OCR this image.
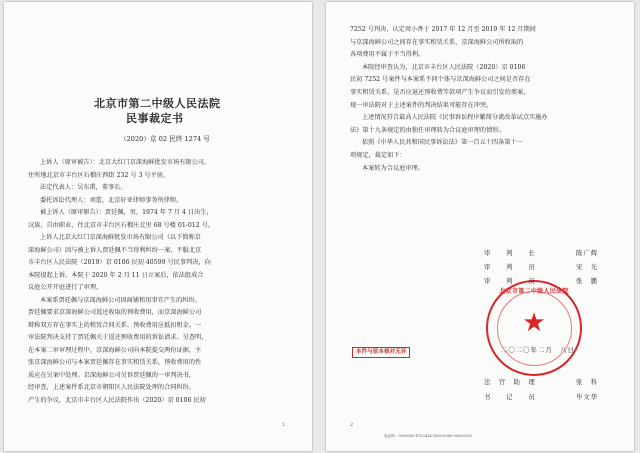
北京市第二中级人民法院
民事裁定书
（2020）京 02 民终 1274 号
上诉人（原审被告）：北京大红门京深海鲜批发市场有限公司，
住所地北京市丰台区石榴庄西街 232 号 3 号平房。
法定代表人：吴东甫，董事长。
委托诉讼代理人：刘蕾，北京轩亚律师事务所律师。
被上诉人（原审原告）：贾廷佩，男，1974 年 7 月 4 日出生，
汉族，自由职业，住北京市丰台区石榴庄北里 68 号楼 01-012 号。
上诉人北京大红门京深海鲜批发市场有限公司（以下简称京
深海鲜公司）因与被上诉人贾廷佩不当得利纠纷一案，不服北京
市丰台区人民法院（2019）京 0106 民初 40599 号民事判决，向
本院提起上诉。本院于 2020 年 2 月 11 日立案后，依法组成合
议庭公开开庭进行了审理。
本案系贾廷佩与京深海鲜公司因商铺租用事宜产生的纠纷。
贾廷佩要求京深海鲜公司返还收取的预收费用，而京深海鲜公司
辩称双方存在事实上的租赁合同关系，预收费用应抵扣租金。一
审法院判决支持了贾廷佩关于返还预收费用的诉讼请求。另查明，
在本案二审审理过程中，京深海鲜公司向本院提交两份证据，主
张京深海鲜公司与本案贾廷佩存在事实租赁关系，预收费用的性
质应在另案中处理。京深海鲜公司另诉贾廷佩的一审判决书，
经审查，上述案件系北京市朝阳区人民法院处理的合同纠纷。
产生的争议，北京市丰台区人民法院作出（2020）京 0106 民初
1
7252 号判决，认定周小香于 2017 年 12 月至 2019 年 12 月期间
与京深海鲜公司之间存在事实租赁关系，京深海鲜公司所收取的
各项费用不属于不当得利。
本院经审查认为，北京市丰台区人民法院（2020）京 0106
民初 7252 号案件与本案系不同个体与京深海鲜公司之间是否存在
事实租赁关系，是否应退还预收费等款项产生争议而引发的类案，
现一审法院对于上述案件的判决结果可能存在冲突。
上述情况符合最高人民法院《民事诉讼程序繁简分流改革试点实施办
法》第十九条规定的由独任审理转为合议庭审理的情形。
依照《中华人民共和国民事诉讼法》第一百五十四条第十一
项规定，裁定如下：
本案转为合议庭审理。
北京市第二中级人民法院
★
审　　判　　长	陈广辉
审　　判　　员	宋　光
审　　判　　员	张　鹏
二〇二〇年二月　八日
本件与原本核对无异
法　官　助　理	张　科
书　　记　　员	毕文华
验证码：0000000-4702424-1000-0000-00000120
2
